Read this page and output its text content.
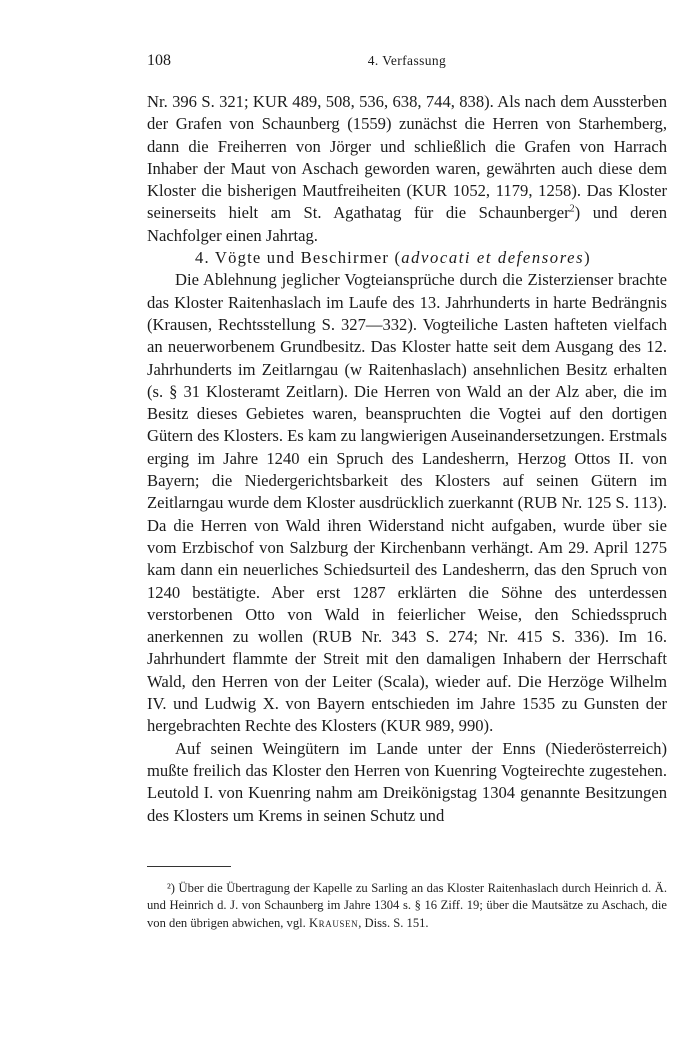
108	4. Verfassung

Nr. 396 S. 321; KUR 489, 508, 536, 638, 744, 838). Als nach dem Aussterben der Grafen von Schaunberg (1559) zunächst die Herren von Starhemberg, dann die Freiherren von Jörger und schließlich die Grafen von Harrach Inhaber der Maut von Aschach geworden waren, gewährten auch diese dem Kloster die bisherigen Mautfreiheiten (KUR 1052, 1179, 1258). Das Kloster seinerseits hielt am St. Agathatag für die Schaunberger$^2$) und deren Nachfolger einen Jahrtag.

4. Vögte und Beschirmer (advocati et defensores)

Die Ablehnung jeglicher Vogteiansprüche durch die Zisterzienser brachte das Kloster Raitenhaslach im Laufe des 13. Jahrhunderts in harte Bedrängnis (Krausen, Rechtsstellung S. 327—332). Vogteiliche Lasten hafteten vielfach an neuerworbenem Grundbesitz. Das Kloster hatte seit dem Ausgang des 12. Jahrhunderts im Zeitlarngau (w Raitenhaslach) ansehnlichen Besitz erhalten (s. § 31 Klosteramt Zeitlarn). Die Herren von Wald an der Alz aber, die im Besitz dieses Gebietes waren, beanspruchten die Vogtei auf den dortigen Gütern des Klosters. Es kam zu langwierigen Auseinandersetzungen. Erstmals erging im Jahre 1240 ein Spruch des Landesherrn, Herzog Ottos II. von Bayern; die Niedergerichtsbarkeit des Klosters auf seinen Gütern im Zeitlarngau wurde dem Kloster ausdrücklich zuerkannt (RUB Nr. 125 S. 113). Da die Herren von Wald ihren Widerstand nicht aufgaben, wurde über sie vom Erzbischof von Salzburg der Kirchenbann verhängt. Am 29. April 1275 kam dann ein neuerliches Schiedsurteil des Landesherrn, das den Spruch von 1240 bestätigte. Aber erst 1287 erklärten die Söhne des unterdessen verstorbenen Otto von Wald in feierlicher Weise, den Schiedsspruch anerkennen zu wollen (RUB Nr. 343 S. 274; Nr. 415 S. 336). Im 16. Jahrhundert flammte der Streit mit den damaligen Inhabern der Herrschaft Wald, den Herren von der Leiter (Scala), wieder auf. Die Herzöge Wilhelm IV. und Ludwig X. von Bayern entschieden im Jahre 1535 zu Gunsten der hergebrachten Rechte des Klosters (KUR 989, 990).

Auf seinen Weingütern im Lande unter der Enns (Niederösterreich) mußte freilich das Kloster den Herren von Kuenring Vogteirechte zugestehen. Leutold I. von Kuenring nahm am Dreikönigstag 1304 genannte Besitzungen des Klosters um Krems in seinen Schutz und

²) Über die Übertragung der Kapelle zu Sarling an das Kloster Raitenhaslach durch Heinrich d. Ä. und Heinrich d. J. von Schaunberg im Jahre 1304 s. § 16 Ziff. 19; über die Mautsätze zu Aschach, die von den übrigen abwichen, vgl. Krausen, Diss. S. 151.
